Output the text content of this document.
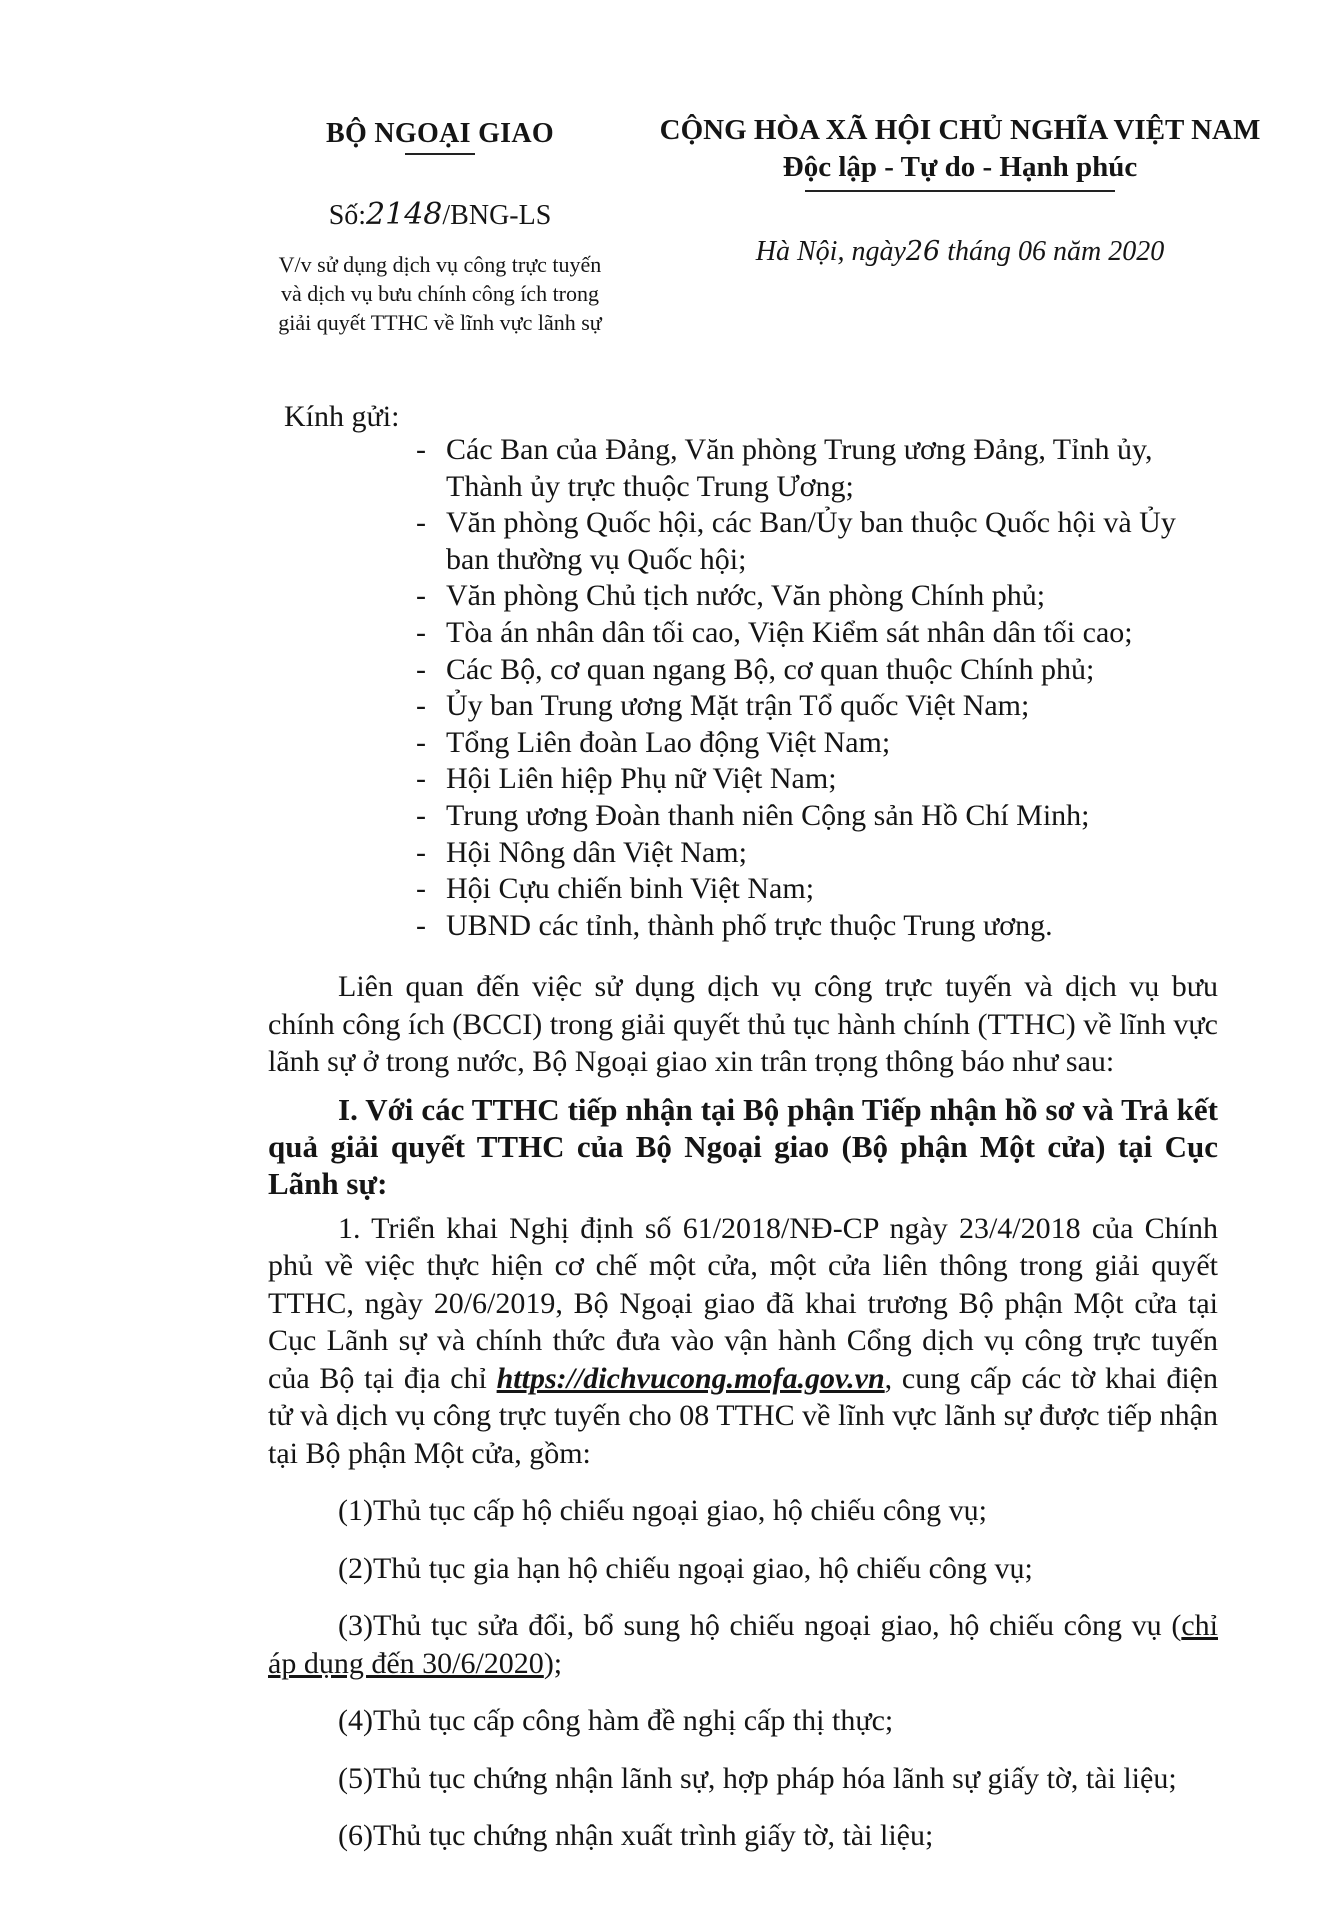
BỘ NGOẠI GIAO
Số:2148/BNG-LS
V/v sử dụng dịch vụ công trực tuyến
và dịch vụ bưu chính công ích trong
giải quyết TTHC về lĩnh vực lãnh sự
CỘNG HÒA XÃ HỘI CHỦ NGHĨA VIỆT NAM
Độc lập - Tự do - Hạnh phúc
Hà Nội, ngày26 tháng 06 năm 2020
Kính gửi:
- Các Ban của Đảng, Văn phòng Trung ương Đảng, Tỉnh ủy, Thành ủy trực thuộc Trung Ương;
- Văn phòng Quốc hội, các Ban/Ủy ban thuộc Quốc hội và Ủy ban thường vụ Quốc hội;
- Văn phòng Chủ tịch nước, Văn phòng Chính phủ;
- Tòa án nhân dân tối cao, Viện Kiểm sát nhân dân tối cao;
- Các Bộ, cơ quan ngang Bộ, cơ quan thuộc Chính phủ;
- Ủy ban Trung ương Mặt trận Tổ quốc Việt Nam;
- Tổng Liên đoàn Lao động Việt Nam;
- Hội Liên hiệp Phụ nữ Việt Nam;
- Trung ương Đoàn thanh niên Cộng sản Hồ Chí Minh;
- Hội Nông dân Việt Nam;
- Hội Cựu chiến binh Việt Nam;
- UBND các tỉnh, thành phố trực thuộc Trung ương.

Liên quan đến việc sử dụng dịch vụ công trực tuyến và dịch vụ bưu chính công ích (BCCI) trong giải quyết thủ tục hành chính (TTHC) về lĩnh vực lãnh sự ở trong nước, Bộ Ngoại giao xin trân trọng thông báo như sau:

I. Với các TTHC tiếp nhận tại Bộ phận Tiếp nhận hồ sơ và Trả kết quả giải quyết TTHC của Bộ Ngoại giao (Bộ phận Một cửa) tại Cục Lãnh sự:

1. Triển khai Nghị định số 61/2018/NĐ-CP ngày 23/4/2018 của Chính phủ về việc thực hiện cơ chế một cửa, một cửa liên thông trong giải quyết TTHC, ngày 20/6/2019, Bộ Ngoại giao đã khai trương Bộ phận Một cửa tại Cục Lãnh sự và chính thức đưa vào vận hành Cổng dịch vụ công trực tuyến của Bộ tại địa chỉ https://dichvucong.mofa.gov.vn, cung cấp các tờ khai điện tử và dịch vụ công trực tuyến cho 08 TTHC về lĩnh vực lãnh sự được tiếp nhận tại Bộ phận Một cửa, gồm:

(1)Thủ tục cấp hộ chiếu ngoại giao, hộ chiếu công vụ;

(2)Thủ tục gia hạn hộ chiếu ngoại giao, hộ chiếu công vụ;

(3)Thủ tục sửa đổi, bổ sung hộ chiếu ngoại giao, hộ chiếu công vụ (chỉ áp dụng đến 30/6/2020);

(4)Thủ tục cấp công hàm đề nghị cấp thị thực;

(5)Thủ tục chứng nhận lãnh sự, hợp pháp hóa lãnh sự giấy tờ, tài liệu;

(6)Thủ tục chứng nhận xuất trình giấy tờ, tài liệu;
